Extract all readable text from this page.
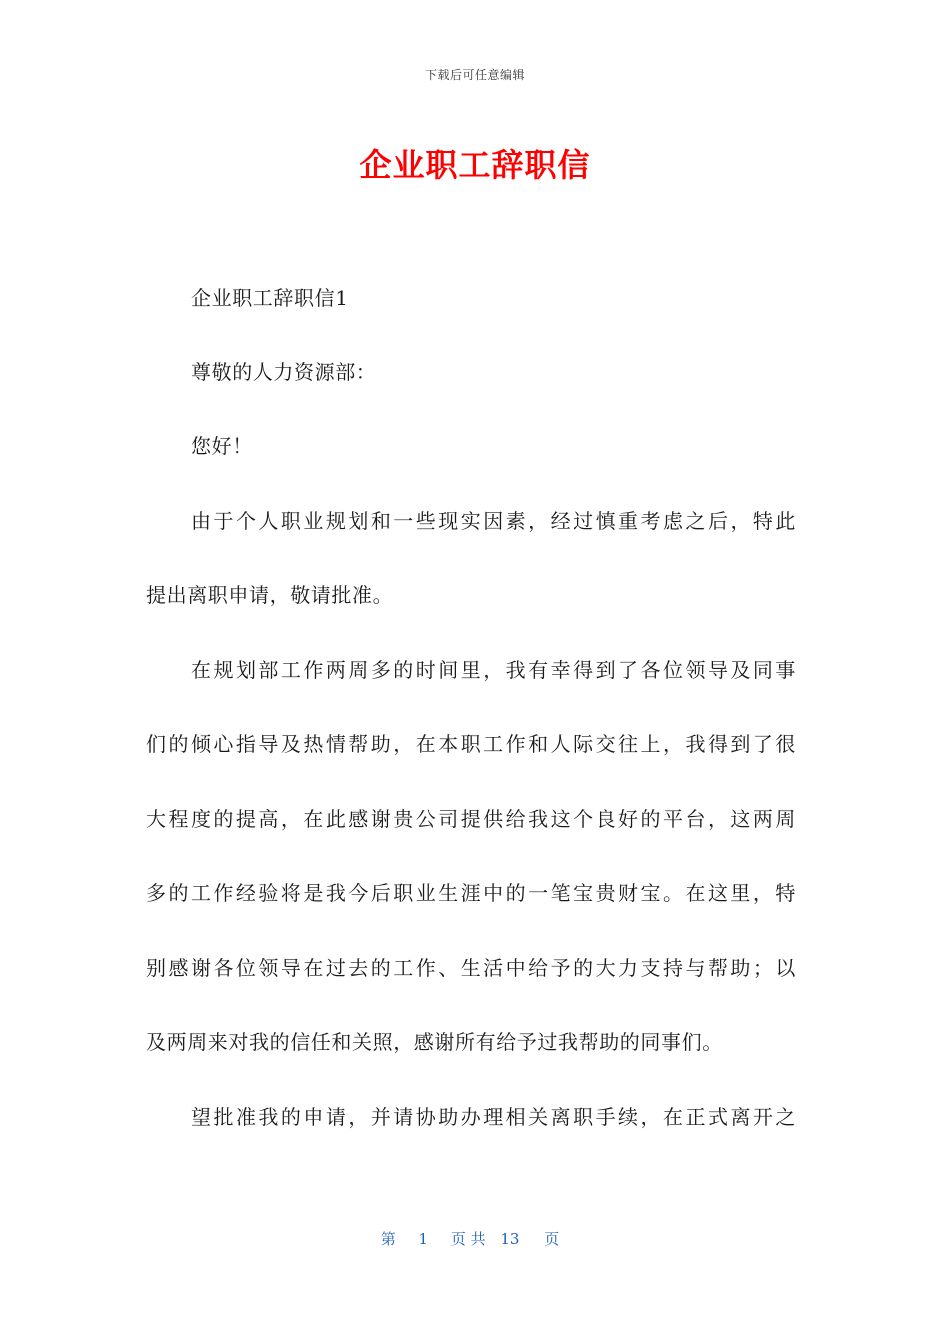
下载后可任意编辑
企业职工辞职信
企业职工辞职信1
尊敬的人力资源部：
您好！
由于个人职业规划和一些现实因素，经过慎重考虑之后，特此
提出离职申请，敬请批准。
在规划部工作两周多的时间里，我有幸得到了各位领导及同事
们的倾心指导及热情帮助，在本职工作和人际交往上，我得到了很
大程度的提高，在此感谢贵公司提供给我这个良好的平台，这两周
多的工作经验将是我今后职业生涯中的一笔宝贵财宝。在这里，特
别感谢各位领导在过去的工作、生活中给予的大力支持与帮助；以
及两周来对我的信任和关照，感谢所有给予过我帮助的同事们。
望批准我的申请，并请协助办理相关离职手续，在正式离开之
第 1 页 共 13 页
